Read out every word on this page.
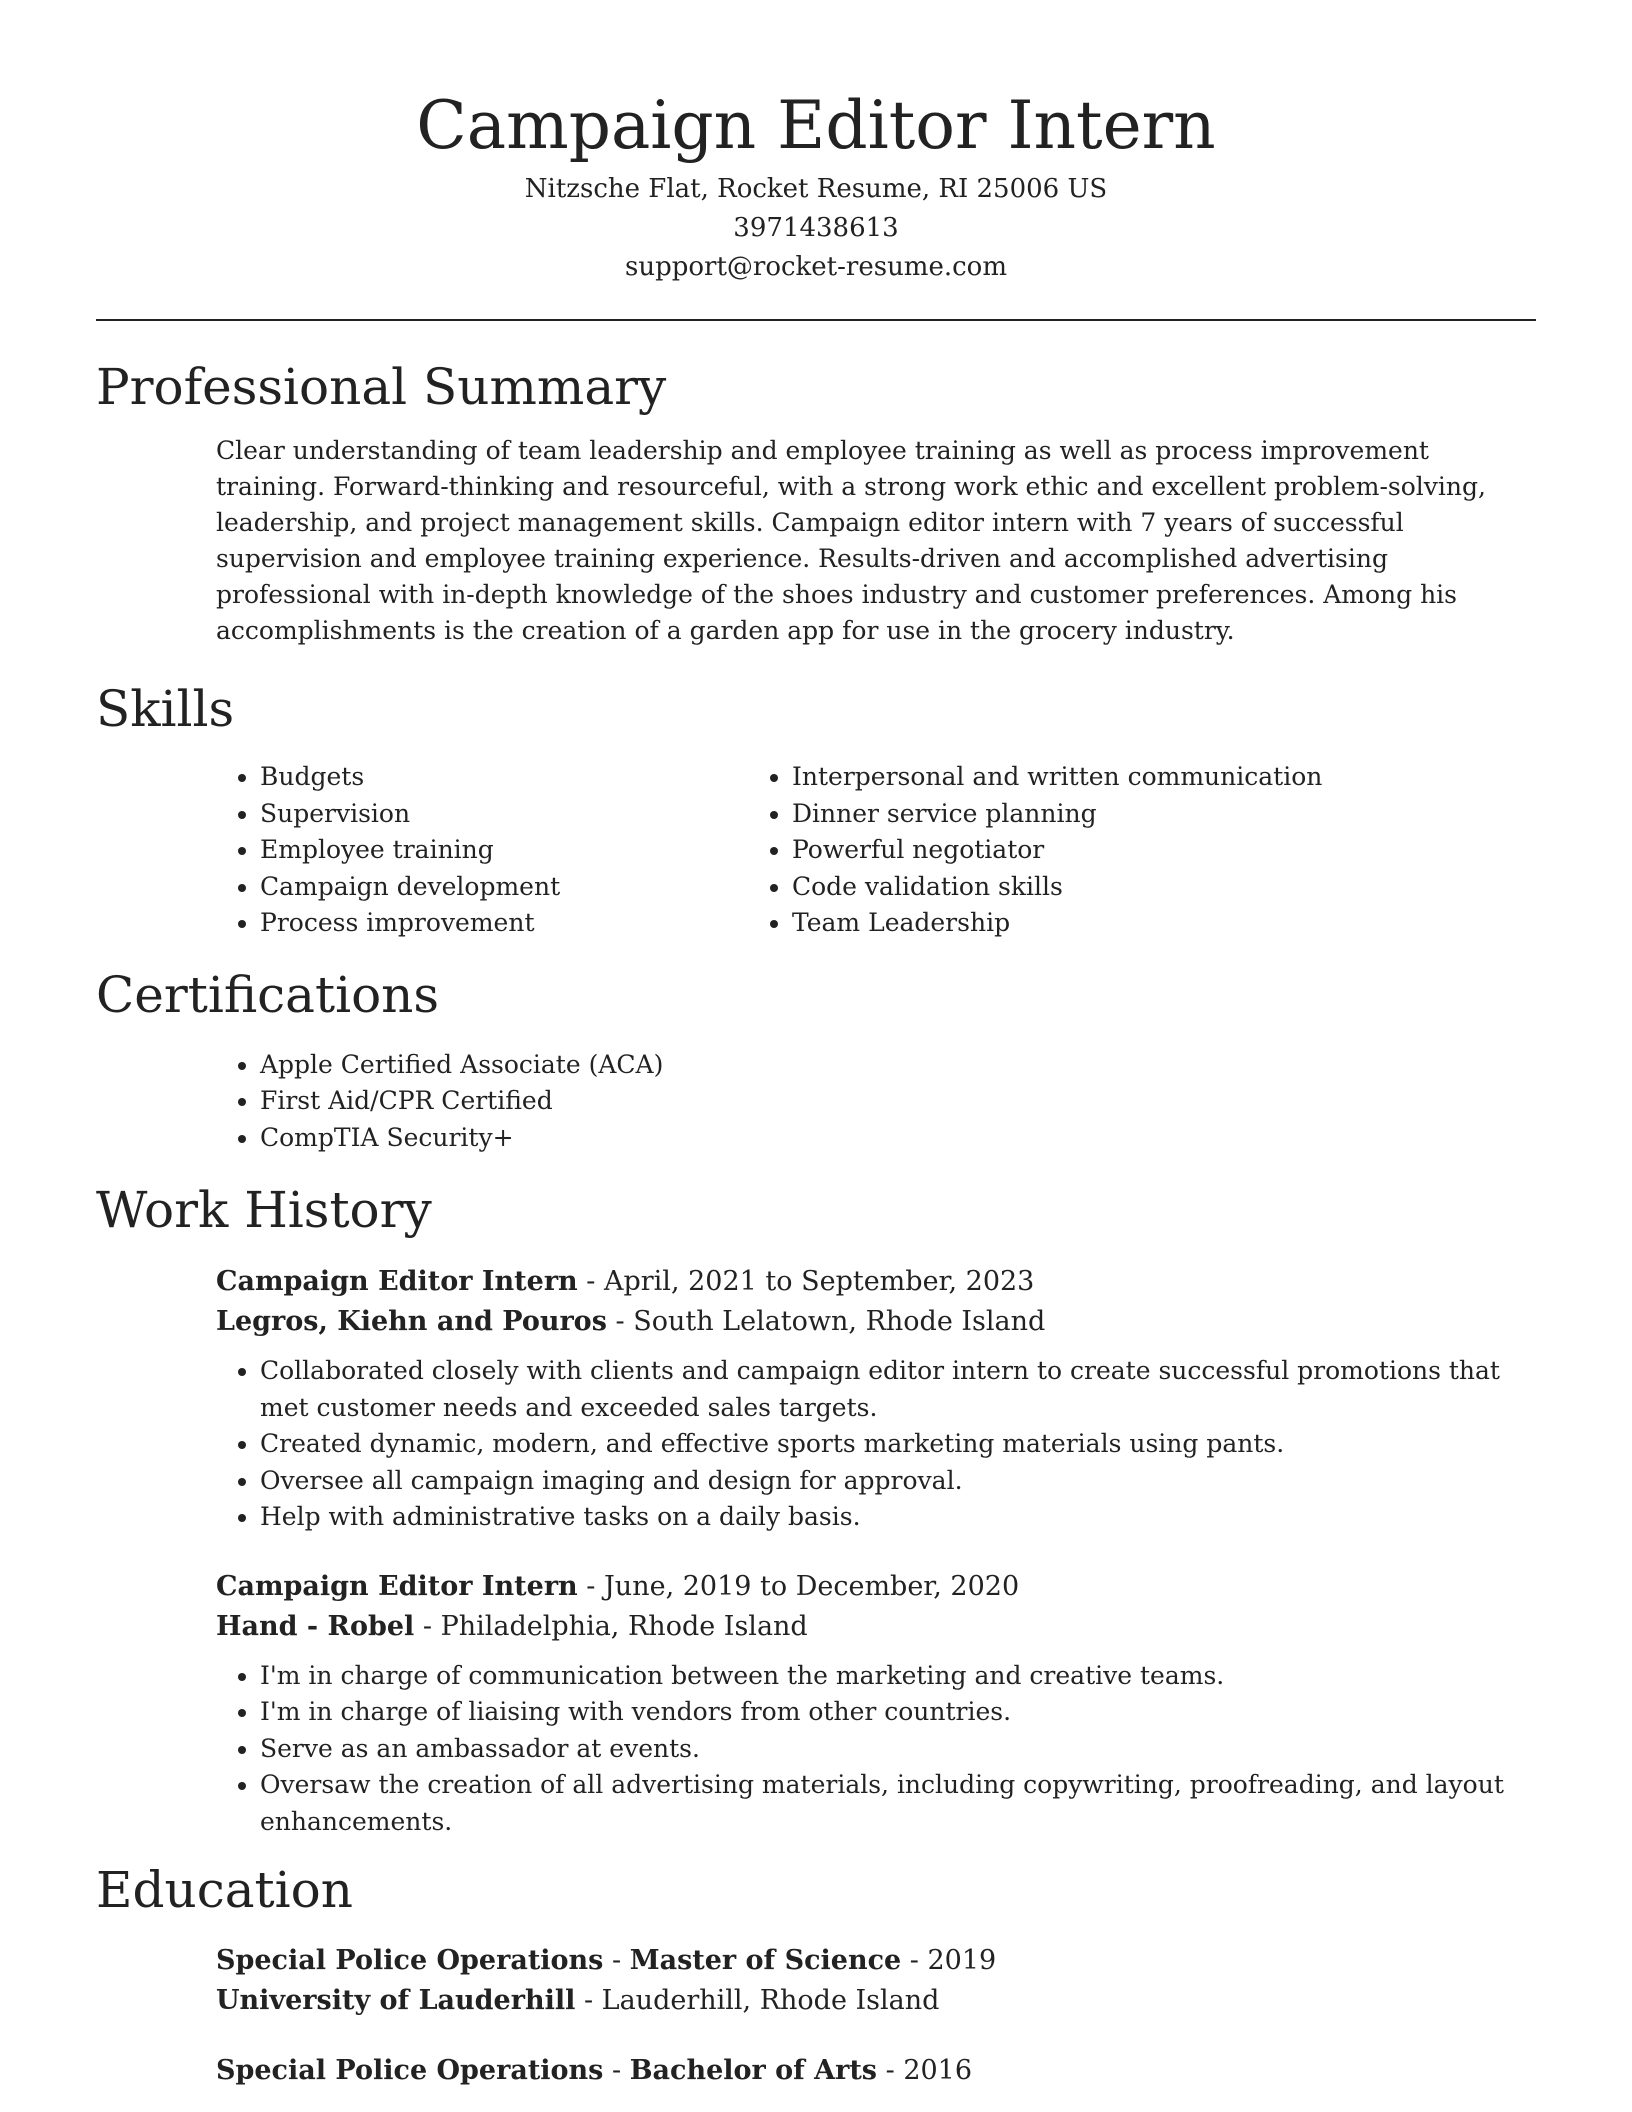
Campaign Editor Intern
Nitzsche Flat, Rocket Resume, RI 25006 US
3971438613
support@rocket-resume.com
Professional Summary

Clear understanding of team leadership and employee training as well as process improvement training. Forward-thinking and resourceful, with a strong work ethic and excellent problem-solving, leadership, and project management skills. Campaign editor intern with 7 years of successful supervision and employee training experience. Results-driven and accomplished advertising professional with in-depth knowledge of the shoes industry and customer preferences. Among his accomplishments is the creation of a garden app for use in the grocery industry.

Skills
• Budgets
• Supervision
• Employee training
• Campaign development
• Process improvement
• Interpersonal and written communication
• Dinner service planning
• Powerful negotiator
• Code validation skills
• Team Leadership
Certifications
• Apple Certified Associate (ACA)
• First Aid/CPR Certified
• CompTIA Security+
Work History
Campaign Editor Intern - April, 2021 to September, 2023
Legros, Kiehn and Pouros - South Lelatown, Rhode Island
• Collaborated closely with clients and campaign editor intern to create successful promotions that met customer needs and exceeded sales targets.
• Created dynamic, modern, and effective sports marketing materials using pants.
• Oversee all campaign imaging and design for approval.
• Help with administrative tasks on a daily basis.
Campaign Editor Intern - June, 2019 to December, 2020
Hand - Robel - Philadelphia, Rhode Island
• I'm in charge of communication between the marketing and creative teams.
• I'm in charge of liaising with vendors from other countries.
• Serve as an ambassador at events.
• Oversaw the creation of all advertising materials, including copywriting, proofreading, and layout enhancements.
Education
Special Police Operations - Master of Science - 2019
University of Lauderhill - Lauderhill, Rhode Island
Special Police Operations - Bachelor of Arts - 2016
